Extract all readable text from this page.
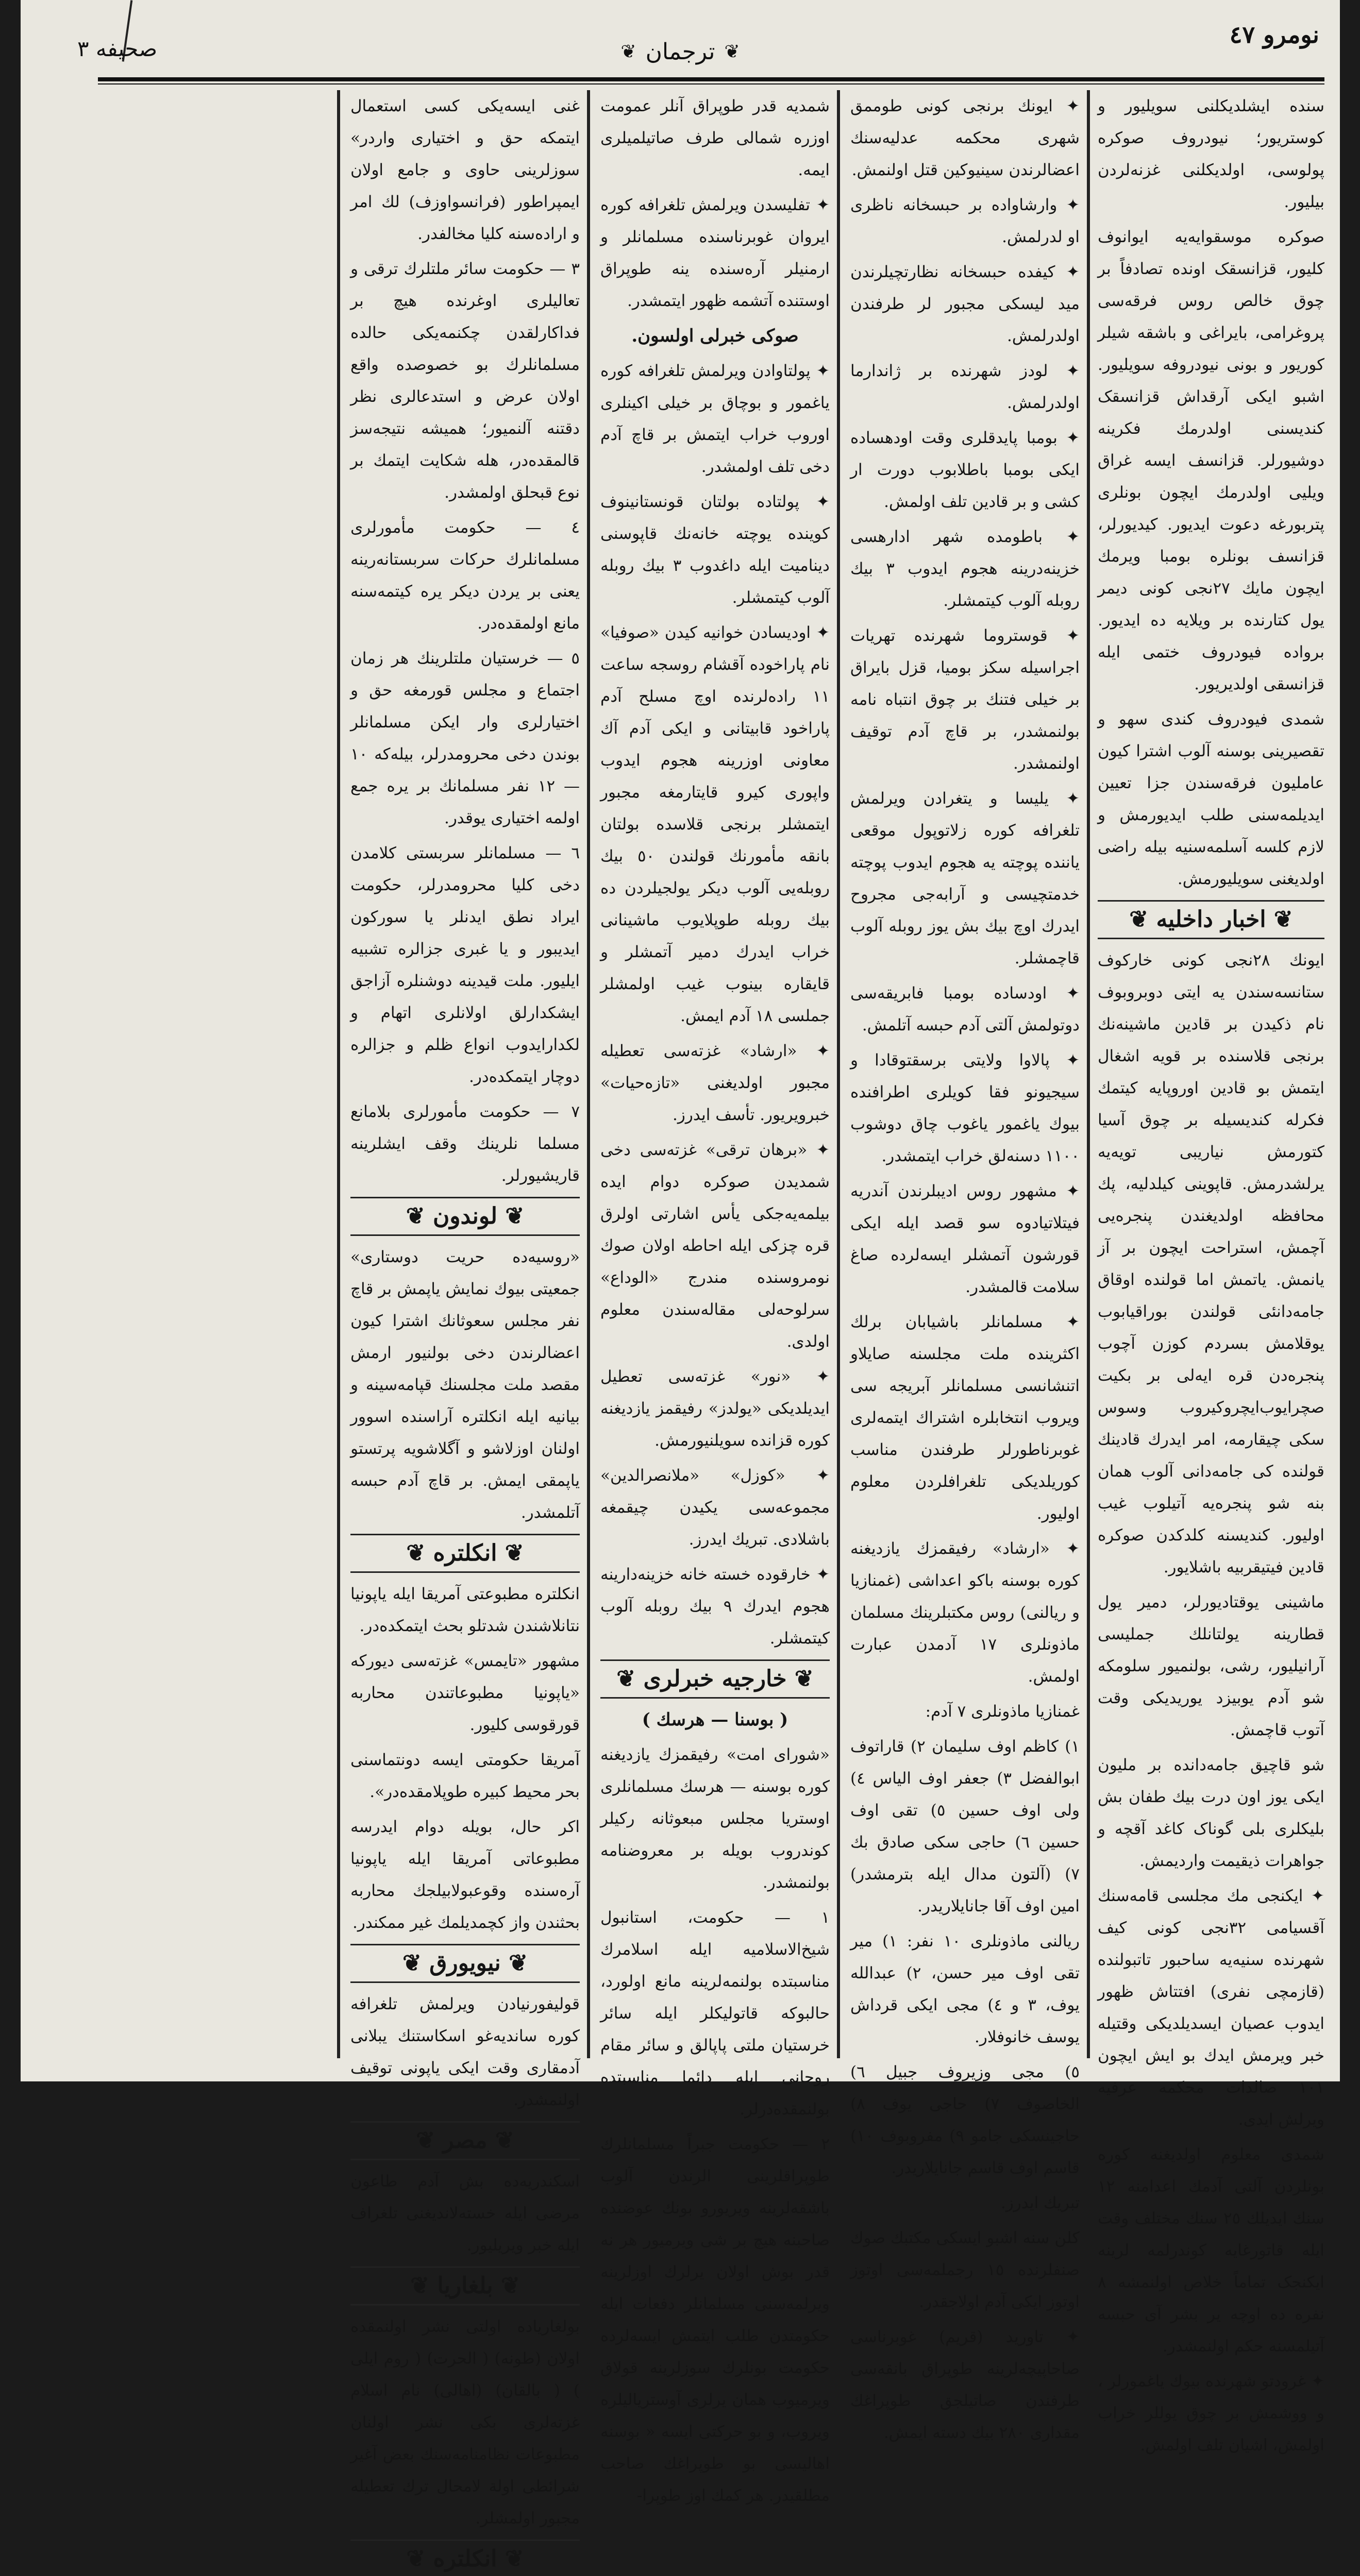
نومرو ٤٧
❦
ترجمان
❦
صحيفه ٣

سنده ایشلدیکلنی سویلیور و کوستریور؛ نیودروف صوکره پولوسی، اولدیکلنی غزنه‌لردن بیلیور.

صوکره موسقوایه‌یه ایوانوف کلیور، قزانسقک اونده تصادفاً بر چوق خالص روس فرقه‌سی پروغرامی، بایراغی و باشقه شیلر کوریور و بونی نیودروفه سویلیور. اشبو ایکی آرقداش قزانسقک کندیسنی اولدرمك فکرینه دوشیورلر. قزانسف ایسه غراق ویلیی اولدرمك ایچون بونلری پتربورغه دعوت ایدیور. کیدیورلر، قزانسف بونلره بومبا ویرمك ایچون مایك ٢٧نجی کونی دیمر یول کتارنده بر ویلایه ده ایدیور. برواده فیودروف ختمی ایله قزانسقی اولدیریور.

شمدی فیودروف کندی سهو و تقصیرینی بوسنه آلوب اشترا کیون عاملیون فرقه‌سندن جزا تعیین ایدیلمه‌سنی طلب ایدیورمش و لازم کلسه آسلمه‌سنیه بیله راضی اولدیغنی سویلیورمش.

❦ اخبار داخلیه ❦

ایونك ٢٨نجی کونی خارکوف ستانسه‌سندن یه ایتی دوبروبوف نام ذکیدن بر قادین ماشینه‌نك برنجی قلاسنده بر قویه اشغال ایتمش بو قادین اوروپایه کیتمك فکرله کندیسیله بر چوق آسیا کتورمش نیاریبی تویه‌یه یرلشدرمش. قاپوینی کیلدلیه، پك محافظه اولدیغندن پنجره‌یی آچمش، استراحت ایچون بر آز یانمش. یاتمش اما قولنده اوقاق جامه‌دانئی قولندن بوراقیابوب یوقلامش بسردم کوزن آچوب پنجره‌دن قره ایه‌لی بر بکیت صچرایوب‌ایچروکیروب وسوس سکی چیقارمه، امر ایدرك قادینك قولنده کی جامه‌دانی آلوب همان بنه شو پنجره‌یه آتیلوب غیب اولیور. کندیسنه کلدکدن صوکره قادین فیتیقربیه باشلایور.

ماشینی یوقتادیورلر، دمیر یول قطارینه یولتانلك جملیسی آرانیلیور، رشی، بولنمیور سلومکه شو آدم یوبیزد یوریدیکی وقت آتوب قاچمش.

شو قاچیق جامه‌دانده بر ملیون ایکی یوز اون درت بیك طفان بش بلیکلری بلی گوناک کاغد آقچه و جواهرات ذیقیمت واردیمش.

✦ ایکنجی مك مجلسی قامه‌سنك آقسیامی ٣٢نجی کونی کیف شهرنده سنیه‌یه‌ ساحبور تاتبولنده (قازمچی نفری) افتتاش ظهور ایدوب عصیان ایسدیلدیکی وقتیله خبر ویرمش ایدك بو ایش ایچون ١٠١ صالدات محکمه عرفیه ویرلش ایدی.

شمدی معلوم اولدیغنه کوره بونلردن آلتی آدمك اعدامنه ١٢ سنك ایدیلك ٢٥ سنك مختلف وقت ایله قاتورغایه کوندرلمه لرینه ایکنجک تماماً خلاص اولنمشه ٨ نفره ده اوچه یر بشر آی حبسه آتیلمسنه حکم اولنمشدر.

✦ غرودتو شهرنده بیوك یاغمورلر ، و ووشمش بر چوق یوللر خراب اولمش، اشیان تلف اولمش.

✦ ایونك برنجی کونی طوممق شهری محکمه عدلیه‌سنك اعضالرندن سینیوکین قتل اولنمش.

✦ وارشاواده بر حبسخانه ناظری او لدرلمش.

✦ کیفده حبسخانه نظارتچیلرندن مید لیسکی مجبور لر طرفندن اولدرلمش.

✦ لودز شهرنده بر ژاندارما اولدرلمش.

✦ بومبا پایدقلری وقت اودهساده ایکی بومبا باطلابوب دورت ار کشی و بر قادین تلف اولمش.

✦ باطومده شهر ادارهسی خزینه‌درینه هجوم ایدوب ٣ بیك روبله آلوب کیتمشلر.

✦ قوستروما شهرنده تهریات اجراسیله سکز بومیا، قزل بایراق بر خیلی فتنك بر چوق انتباه نامه بولنمشدر، بر قاچ آدم توقیف اولنمشدر.

✦ یلیسا و یتغرادن ویرلمش تلغرافه کوره زلاتوپول موقعی یاننده پوچته یه هجوم ایدوب پوچته خدمتچیسی و آرابه‌جی مجروح ایدرك اوچ بیك بش یوز روبله آلوب قاچمشلر.

✦ اودساده بومبا فابریقه‌سی دوتولمش آلتی آدم حبسه آتلمش.

✦ پالاوا ولایتی برسقتوقادا و سیجیونو فقا کویلری اطرافنده بیوك یاغمور یاغوب چاق دوشوب ١١٠٠ دسنه‌لق خراب ایتمشدر.

✦ مشهور روس ادیبلرندن آندریه فیتلاتیادوه سو قصد ایله ایکی قورشون آتمشلر ایسه‌لرده صاغ سلامت قالمشدر.

✦ مسلمانلر باشیابان برلك اکثرینده ملت مجلسنه صایلاو اتنشانسی مسلمانلر آبریجه سی ویروب انتخابلره اشتراك ایتمه‌لری غوبرناطورلر طرفندن مناسب کوریلدیکی تلغرافلردن معلوم اولیور.

✦ «ارشاد» رفیقمزك یازدیغنه کوره بوسنه باکو اعداشی (غمنازیا و ریالنی) روس مکتبلرینك مسلمان ماذونلری ١٧ آدمدن عبارت اولمش.

غمنازیا ماذونلری ٧ آدم:

١) کاظم اوف سلیمان ٢) قاراتوف ابوالفضل ٣) جعفر اوف الیاس ٤) ولی اوف حسین ٥) تقی اوف حسین ٦) حاجی سکی صادق بك ٧) (آلتون مدال ایله بترمشدر) امین اوف آقا جانایلاریدر.

ریالنی ماذونلری ١٠ نفر: ١) میر تقی اوف میر حسن، ٢) عبدالله یوف، ٣ و ٤) مجی ایکی قرداش یوسف خانوفلار.

٥) مجی وزیروف جبیل ٦) الخاصوف ٧) حاجی یوف ٨) حاجینسکی جامو ٩) مفروبوف ١٠) قاسم اوف قاسم جانایلاریدر.

تبریك ایدرز.

کلن سنه اشبو ایسکی مکتبك صوك صنفلرنده ١٥ رجملمه‌سی اوتوز اوتوز ایکی آدم اولاجقدر.

✦ تاورید (قریم) غوبرناسی صاحاپیچه‌لرینه طوپراق بانقه‌سی طرفندن صاتیلجق طوپراغك مقداری ٢٨٠ بیك دسته ایمش.

شمدیه قدر طوپراق آنلر عمومت اوزره شمالی طرف صاتیلمیلری ایمه.

✦ تفلیسدن ویرلمش تلغرافه کوره ایروان غوبرناسنده مسلمانلر و ارمنیلر آره‌سنده ینه طوپراق اوستنده آتشمه ظهور ایتمشدر.

صوکی خبرلی اولسون.

✦ پولتاوادن ویرلمش تلغرافه کوره یاغمور و بوچاق بر خیلی اکینلری اوروب خراب ایتمش بر قاچ آدم دخی تلف اولمشدر.

✦ پولتاده بولتان قونستانینوف کوینده یوچته خانه‌نك قاپوسنی دینامیت ایله داغدوب ٣ بیك روبله آلوب کیتمشلر.

✦ اودیسادن خوانیه کیدن «صوفیا» نام پاراخوده آقشام روسجه ساعت ١١ راده‌لرنده اوچ مسلح آدم پاراخود قابیتانی و ایکی آدم آك معاونی اوزرینه هجوم ایدوب واپوری کیرو قایتارمغه مجبور ایتمشلر برنجی قلاسده بولتان بانقه مأمورنك قولندن ٥٠ بیك روبله‌یی آلوب دیکر یولجیلردن ده بیك روبله طوپلایوب ماشینانی خراب ایدرك دمیر آتمشلر و قایقاره بینوب غیب اولمشلر جملسی ١٨ آدم ایمش.

✦ «ارشاد» غزته‌سی تعطیله مجبور اولدیغنی «تازه‌حیات» خبرویریور. تأسف ایدرز.

✦ «برهان ترقی» غزته‌سی دخی شمدیدن صوکره دوام ایده بیلمه‌یه‌جکی یأس اشارتی اولرق قره چزکی ایله احاطه اولان صوك نومروسنده مندرج «الوداع» سرلوحه‌لی مقاله‌سندن معلوم اولدی.

✦ «نور» غزته‌سی تعطیل ایدیلدیکی «یولدز» رفیقمز یازدیغنه کوره قزانده سویلنیورمش.

✦ «کوزل» «ملانصرالدین» مجموعه‌سی یکیدن چیقمغه باشلادی. تبریك ایدرز.

✦ خارقوده خسته خانه خزینه‌دارینه هجوم ایدرك ٩ بیك روبله آلوب کیتمشلر.

❦ خارجیه خبرلری ❦
( بوسنا — هرسك )

«شورای امت» رفیقمزك یازدیغنه کوره بوسنه — هرسك مسلمانلری اوستریا مجلس مبعوثانه رکیلر کوندروب بویله بر معروضنامه بولنمشدر.

١ — حکومت، استانبول شیخ‌الاسلامیه ایله اسلامرك مناسبتده بولنمه‌لرینه مانع اولورد، حالبوکه قاتولیکلر ایله سائر خرستیان ملتی پاپالق و سائر مقام روحانی ایله دائما مناسبتده بولنمقده‌درلر.

٢ — حکومت جبراً مسلمانلرك طوپراقلرینی الرندن آلوب باشقه‌لرینه ویریورو بونك عوضنده صاحبنه هیچ بر شی ویرمیور هر نه قدر بوش اولان یرلرك اوزلرینه ویرلمه‌سنی مسلمانلر دفعات ایله حکومتدن طلب ایتمش ایسه‌لرده حکومت بونلرك سوزلرینه قولاق ویرمیوب همان یرلری آوستریالیلره ویروب، و بو حرکتی ایسه « بوسنه اهالیسی بو طوپراغك صاحب مطلقیدر. هر کمك اوز طوپرا-

غنی ایسه‌یکی کسی استعمال ایتمکه حق و اختیاری واردر» سوزلرینی حاوی و جامع اولان ایمپراطور (فرانسواوزف) لك امر و اراده‌سنه کلیا مخالفدر.

٣ — حکومت سائر ملتلرك ترقی و تعالیلری اوغرنده هیچ بر فداکارلقدن چکنمه‌یکی حالده مسلمانلرك بو خصوصده واقع اولان عرض و استدعالری نظر دقتنه آلنمیور؛ همیشه نتیجه‌سز قالمقده‌در، هله شکایت ایتمك بر نوع قبحلق اولمشدر.

٤ — حکومت مأمورلری مسلمانلرك حرکات سربستانه‌رینه یعنی بر یردن دیکر یره کیتمه‌سنه مانع اولمقده‌در.

٥ — خرستیان ملتلرینك هر زمان اجتماع و مجلس قورمغه حق و اختیارلری وار ایکن مسلمانلر بوندن دخی محرومدرلر، بیله‌که ١٠ — ١٢ نفر مسلمانك بر یره جمع اولمه اختیاری یوقدر.

٦ — مسلمانلر سربستی کلامدن دخی کلیا محرومدرلر، حکومت ایراد نطق ایدنلر یا سورکون ایدیبور و یا غبری جزالره تشبیه ایلیور. ملت قیدینه دوشنلره آزاجق ایشکدارلق اولانلری اتهام و لکدارایدوب انواع ظلم و جزالره دوچار ایتمکده‌در.

٧ — حکومت مأمورلری بلامانع مسلما نلرینك وقف ایشلرینه قاریشیورلر.

❦ لوندون ❦

«روسیه‌ده حریت دوستاری» جمعیتی بیوك نمایش یاپمش بر قاچ نفر مجلس سعوثانك اشترا کیون اعضالرندن دخی بولنیور ارمش مقصد ملت مجلسنك قپامه‌سینه و بیانیه ایله انکلتره آراسنده اسوور اولنان اوزلاشو و آگلاشویه پرتستو یاپمقی ایمش. بر قاچ آدم حبسه آتلمشدر.

❦ انکلتره ❦

انکلتره مطبوعتی آمریقا ایله یاپونیا نتانلاشندن شدتلو بحث ایتمکده‌در.

مشهور «تایمس» غزته‌سی دیورکه «یاپونیا مطبوعاتندن محاربه قورقوسی کلیور.

آمریقا حکومتی ایسه دونتماسنی بحر محیط کبیره طوپلامقده‌در».

اکر حال، بویله دوام ایدرسه مطبوعاتی آمریقا ایله یاپونیا آره‌سنده وقوعبولابیلجك محاربه بحثندن واز کچمدیلمك غیر ممکندر.

❦ نیویورق ❦

قولیفورنیادن ویرلمش تلغرافه کوره ساندیه‌غو اسکاستنك یبلانی آدمقاری وقت ایکی یاپونی توقیف اولنمشدر.

❦ مصر ❦

اسکندریه‌ده بش آدم طاعون مرضی ایله خسته‌لاندیغنی تلغراف ایله خبر ویریلیور.

❦ بلغاریا ❦

بولغاریاده اولتی نشر اولنمقده اولان (طونه) ( الحرت) ( روم ایلی ) ( بالقان) (اهالی) نام اسلام غزته‌لری بکی نشر اولنان مطبوعات نظامنامه‌سنك بعض آغیر شرائطی اولة لامحال ترك تعطیله مجبور اولمشلر.

❦ انکلتره ❦
